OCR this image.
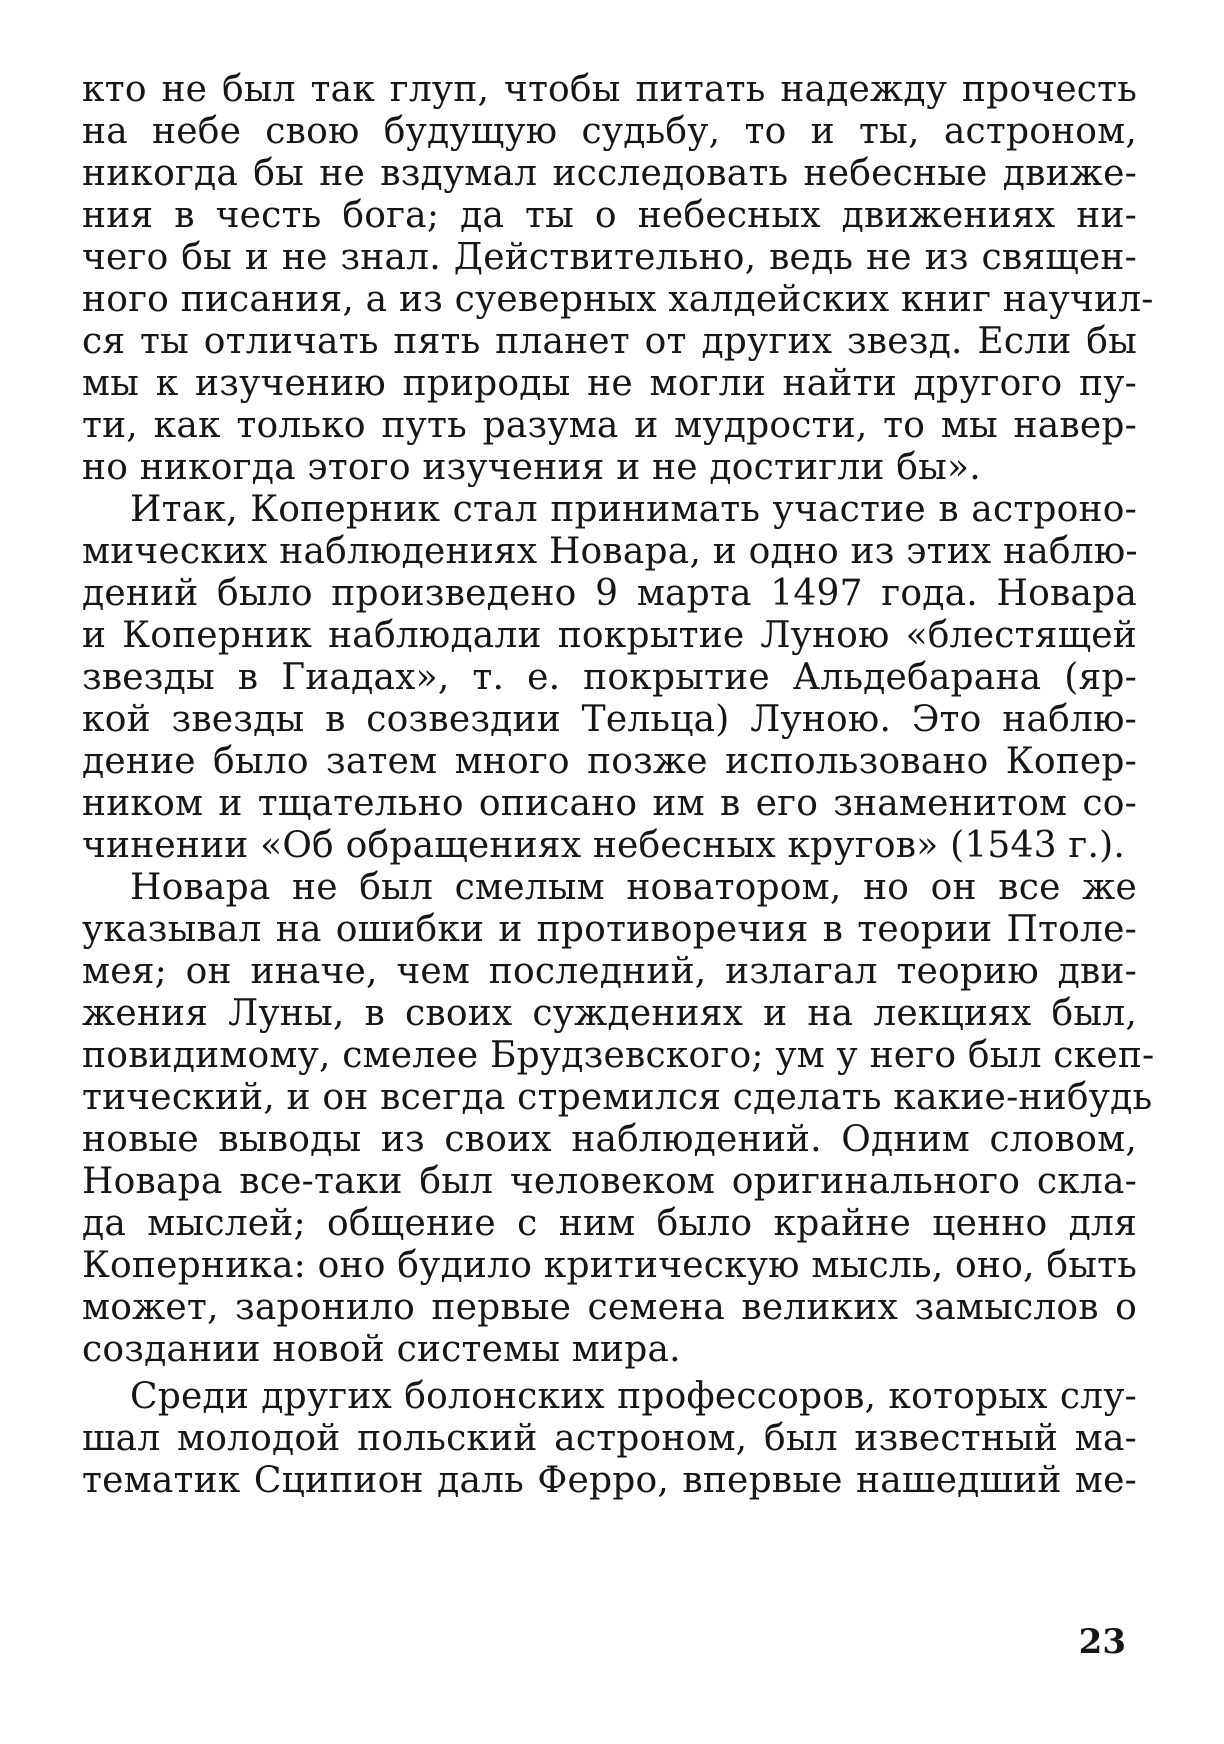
кто не был так глуп, чтобы питать надежду прочесть
на небе свою будущую судьбу, то и ты, астроном,
никогда бы не вздумал исследовать небесные движе-
ния в честь бога; да ты о небесных движениях ни-
чего бы и не знал. Действительно, ведь не из священ-
ного писания, а из суеверных халдейских книг научил-
ся ты отличать пять планет от других звезд. Если бы
мы к изучению природы не могли найти другого пу-
ти, как только путь разума и мудрости, то мы навер-
но никогда этого изучения и не достигли бы».
Итак, Коперник стал принимать участие в астроно-
мических наблюдениях Новара, и одно из этих наблю-
дений было произведено 9 марта 1497 года. Новара
и Коперник наблюдали покрытие Луною «блестящей
звезды в Гиадах», т. е. покрытие Альдебарана (яр-
кой звезды в созвездии Тельца) Луною. Это наблю-
дение было затем много позже использовано Копер-
ником и тщательно описано им в его знаменитом со-
чинении «Об обращениях небесных кругов» (1543 г.).
Новара не был смелым новатором, но он все же
указывал на ошибки и противоречия в теории Птоле-
мея; он иначе, чем последний, излагал теорию дви-
жения Луны, в своих суждениях и на лекциях был,
повидимому, смелее Брудзевского; ум у него был скеп-
тический, и он всегда стремился сделать какие-нибудь
новые выводы из своих наблюдений. Одним словом,
Новара все-таки был человеком оригинального скла-
да мыслей; общение с ним было крайне ценно для
Коперника: оно будило критическую мысль, оно, быть
может, заронило первые семена великих замыслов о
создании новой системы мира.
Среди других болонских профессоров, которых слу-
шал молодой польский астроном, был известный ма-
тематик Сципион даль Ферро, впервые нашедший ме-
23
